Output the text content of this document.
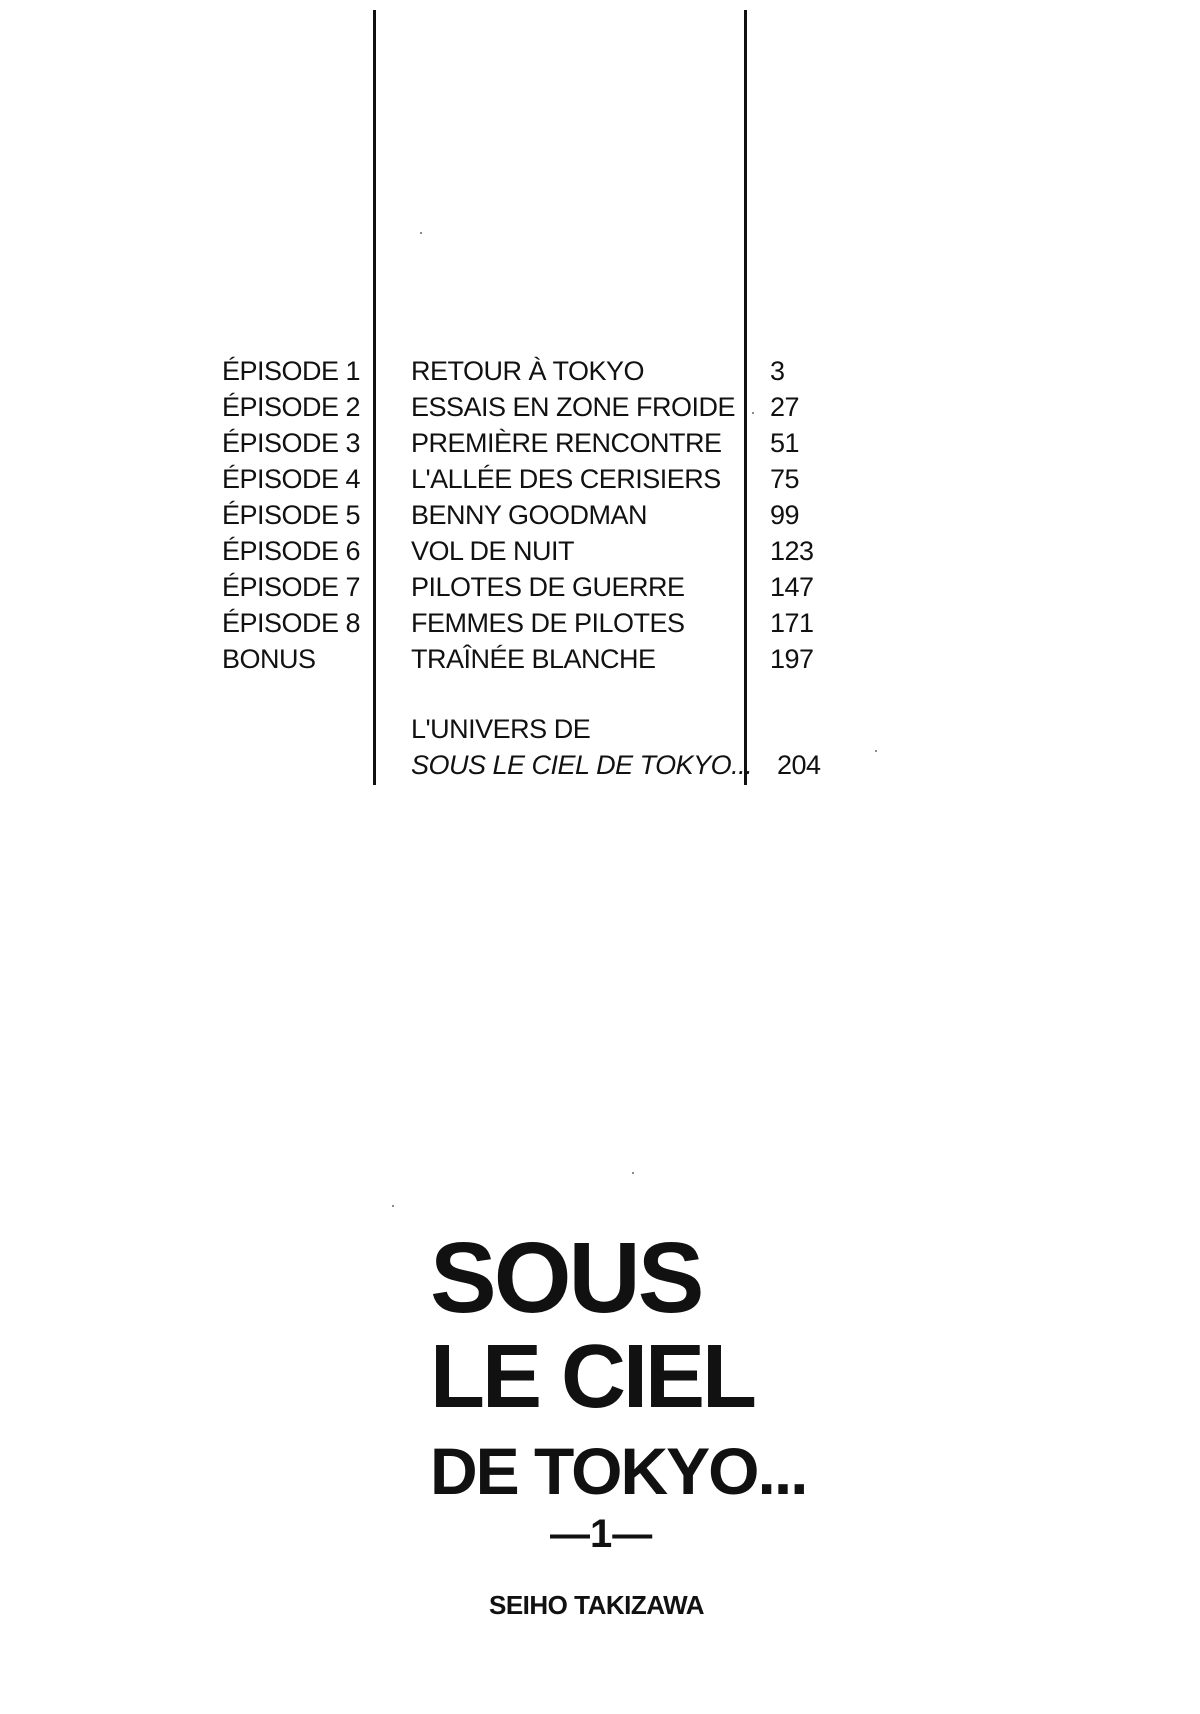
ÉPISODE 1 RETOUR À TOKYO	3
ÉPISODE 2 ESSAIS EN ZONE FROIDE 27
ÉPISODE 3 PREMIÈRE RENCONTRE 51
ÉPISODE 4 L'ALLÉE DES CERISIERS 75
ÉPISODE 5 BENNY GOODMAN	99
ÉPISODE 6 VOL DE NUIT	123
ÉPISODE 7 PILOTES DE GUERRE	147
ÉPISODE 8 FEMMES DE PILOTES	171
BONUS	TRAÎNÉE BLANCHE	197
L'UNIVERS DE
SOUS LE CIEL DE TOKYO... 204
SOUS
LE CIEL
DE TOKYO...
—1—
SEIHO TAKIZAWA
